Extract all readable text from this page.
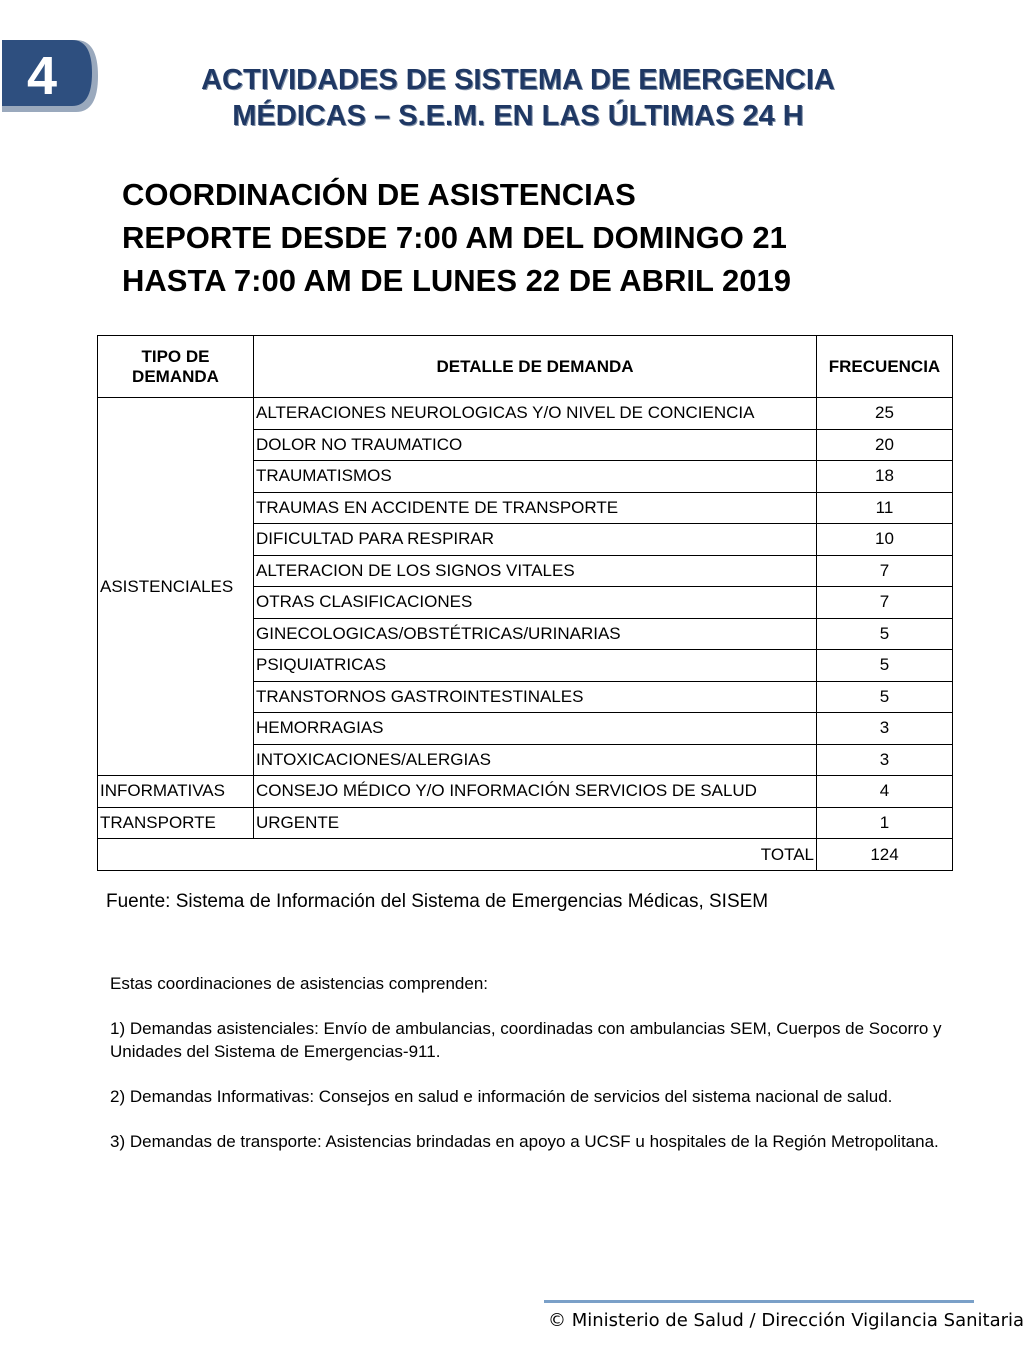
4	ACTIVIDADES DE SISTEMA DE EMERGENCIA
MÉDICAS – S.E.M. EN LAS ÚLTIMAS 24 H
COORDINACIÓN DE ASISTENCIAS
REPORTE DESDE 7:00 AM DEL DOMINGO 21
HASTA 7:00 AM DE LUNES 22 DE ABRIL 2019
TIPO DE DEMANDA	DETALLE DE DEMANDA	FRECUENCIA
ASISTENCIALES	ALTERACIONES NEUROLOGICAS Y/O NIVEL DE CONCIENCIA	25
	DOLOR NO TRAUMATICO	20
	TRAUMATISMOS	18
	TRAUMAS EN ACCIDENTE DE TRANSPORTE	11
	DIFICULTAD PARA RESPIRAR	10
	ALTERACION DE LOS SIGNOS VITALES	7
	OTRAS CLASIFICACIONES	7
	GINECOLOGICAS/OBSTÉTRICAS/URINARIAS	5
	PSIQUIATRICAS	5
	TRANSTORNOS GASTROINTESTINALES	5
	HEMORRAGIAS	3
	INTOXICACIONES/ALERGIAS	3
INFORMATIVAS	CONSEJO MÉDICO Y/O INFORMACIÓN SERVICIOS DE SALUD	4
TRANSPORTE	URGENTE	1
TOTAL		124
Fuente: Sistema de Información del Sistema de Emergencias Médicas, SISEM

Estas coordinaciones de asistencias comprenden:

1) Demandas asistenciales: Envío de ambulancias, coordinadas con ambulancias SEM, Cuerpos de Socorro y Unidades del Sistema de Emergencias-911.

2) Demandas Informativas: Consejos en salud e información de servicios del sistema nacional de salud.

3) Demandas de transporte: Asistencias brindadas en apoyo a UCSF u hospitales de la Región Metropolitana.

© Ministerio de Salud / Dirección Vigilancia Sanitaria
